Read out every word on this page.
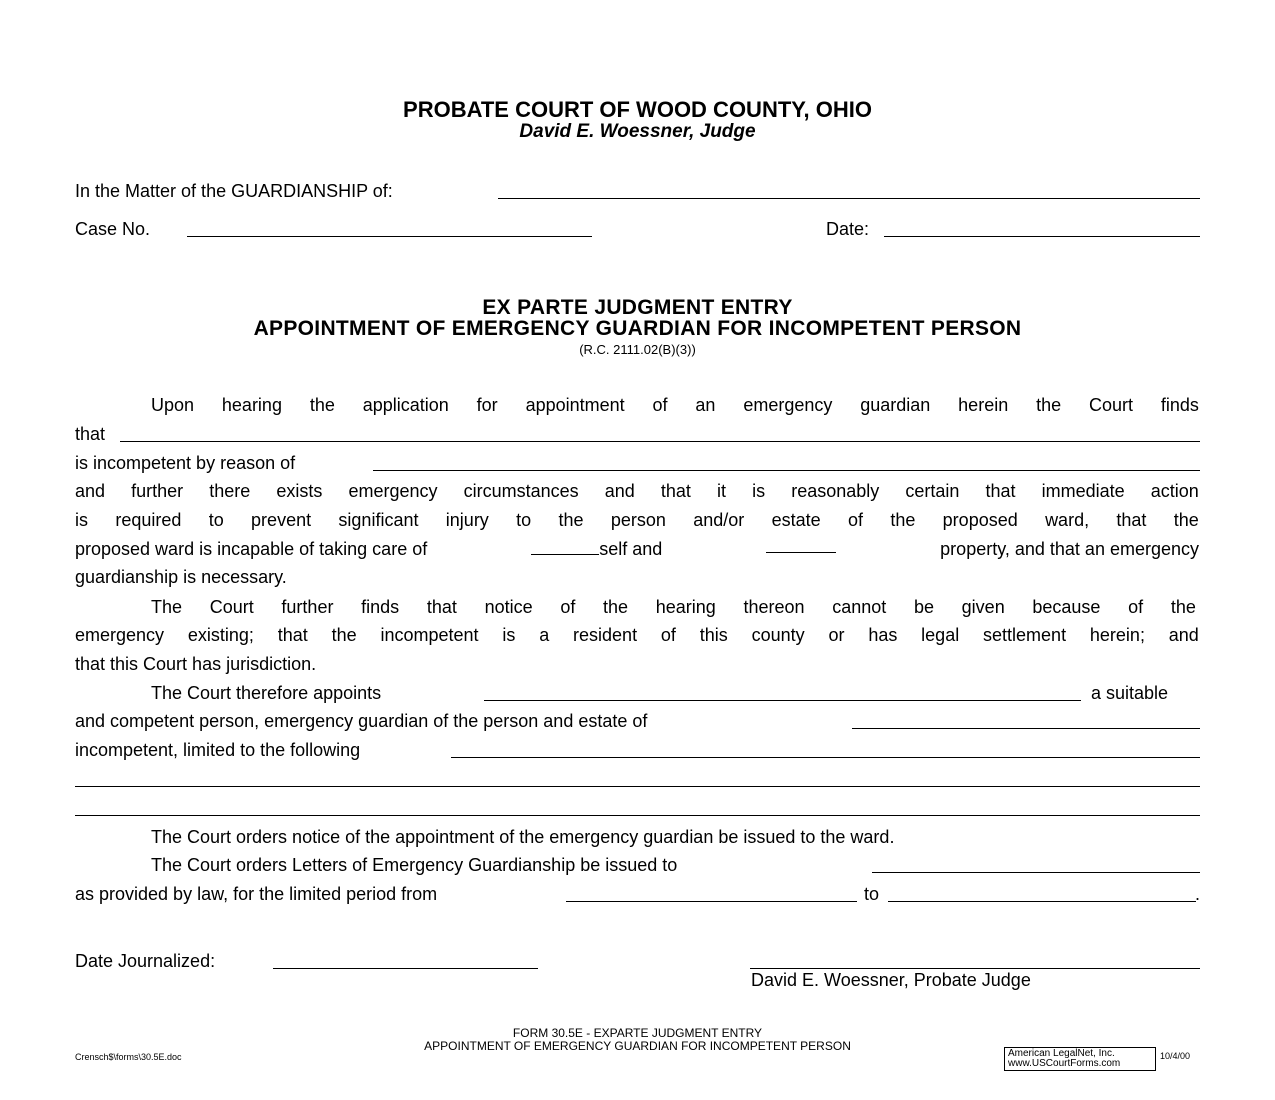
PROBATE COURT OF WOOD COUNTY, OHIO
David E. Woessner, Judge
In the Matter of the GUARDIANSHIP of:
Case No.	Date:
EX PARTE JUDGMENT ENTRY
APPOINTMENT OF EMERGENCY GUARDIAN FOR INCOMPETENT PERSON
(R.C. 2111.02(B)(3))
Upon hearing the application for appointment of an emergency guardian herein the Court finds
that
is incompetent by reason of
and further there exists emergency circumstances and that it is reasonably certain that immediate action
is required to prevent significant injury to the person and/or estate of the proposed ward, that the
proposed ward is incapable of taking care of	self and	property, and that an emergency
guardianship is necessary.
The Court further finds that notice of the hearing thereon cannot be given because of the
emergency existing; that the incompetent is a resident of this county or has legal settlement herein; and
that this Court has jurisdiction.
The Court therefore appoints	a suitable
and competent person, emergency guardian of the person and estate of
incompetent, limited to the following
The Court orders notice of the appointment of the emergency guardian be issued to the ward.
The Court orders Letters of Emergency Guardianship be issued to
as provided by law, for the limited period from	to	.
Date Journalized:
David E. Woessner, Probate Judge
FORM 30.5E - EXPARTE JUDGMENT ENTRY
APPOINTMENT OF EMERGENCY GUARDIAN FOR INCOMPETENT PERSON
Crensch$\forms\30.5E.doc	American LegalNet, Inc.
www.USCourtForms.com
10/4/00
